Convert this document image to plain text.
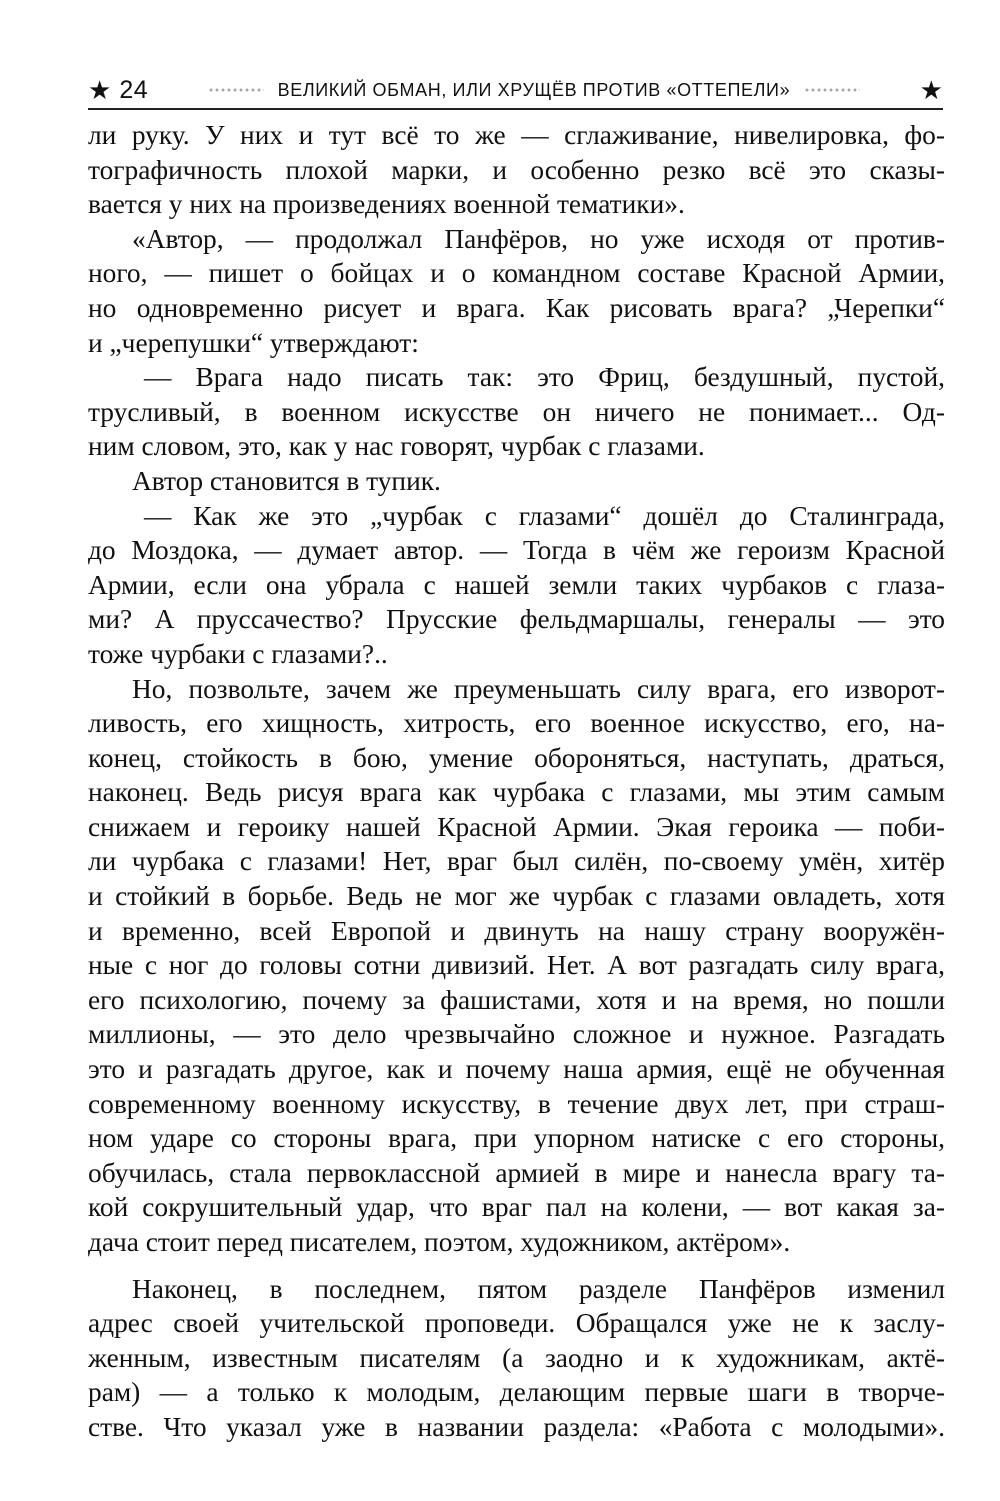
★ 24	ВЕЛИКИЙ ОБМАН, ИЛИ ХРУЩЁВ ПРОТИВ «ОТТЕПЕЛИ»	★
ли руку. У них и тут всё то же — сглаживание, нивелировка, фо-
тографичность плохой марки, и особенно резко всё это сказы-
вается у них на произведениях военной тематики».
«Автор, — продолжал Панфёров, но уже исходя от против-
ного, — пишет о бойцах и о командном составе Красной Армии,
но одновременно рисует и врага. Как рисовать врага? „Черепки“
и „черепушки“ утверждают:
— Врага надо писать так: это Фриц, бездушный, пустой,
трусливый, в военном искусстве он ничего не понимает... Од-
ним словом, это, как у нас говорят, чурбак с глазами.
Автор становится в тупик.
— Как же это „чурбак с глазами“ дошёл до Сталинграда,
до Моздока, — думает автор. — Тогда в чём же героизм Красной
Армии, если она убрала с нашей земли таких чурбаков с глаза-
ми? А пруссачество? Прусские фельдмаршалы, генералы — это
тоже чурбаки с глазами?..
Но, позвольте, зачем же преуменьшать силу врага, его изворот-
ливость, его хищность, хитрость, его военное искусство, его, на-
конец, стойкость в бою, умение обороняться, наступать, драться,
наконец. Ведь рисуя врага как чурбака с глазами, мы этим самым
снижаем и героику нашей Красной Армии. Экая героика — поби-
ли чурбака с глазами! Нет, враг был силён, по-своему умён, хитёр
и стойкий в борьбе. Ведь не мог же чурбак с глазами овладеть, хотя
и временно, всей Европой и двинуть на нашу страну вооружён-
ные с ног до головы сотни дивизий. Нет. А вот разгадать силу врага,
его психологию, почему за фашистами, хотя и на время, но пошли
миллионы, — это дело чрезвычайно сложное и нужное. Разгадать
это и разгадать другое, как и почему наша армия, ещё не обученная
современному военному искусству, в течение двух лет, при страш-
ном ударе со стороны врага, при упорном натиске с его стороны,
обучилась, стала первоклассной армией в мире и нанесла врагу та-
кой сокрушительный удар, что враг пал на колени, — вот какая за-
дача стоит перед писателем, поэтом, художником, актёром».
Наконец, в последнем, пятом разделе Панфёров изменил
адрес своей учительской проповеди. Обращался уже не к заслу-
женным, известным писателям (а заодно и к художникам, актё-
рам) — а только к молодым, делающим первые шаги в творче-
стве. Что указал уже в названии раздела: «Работа с молодыми».
